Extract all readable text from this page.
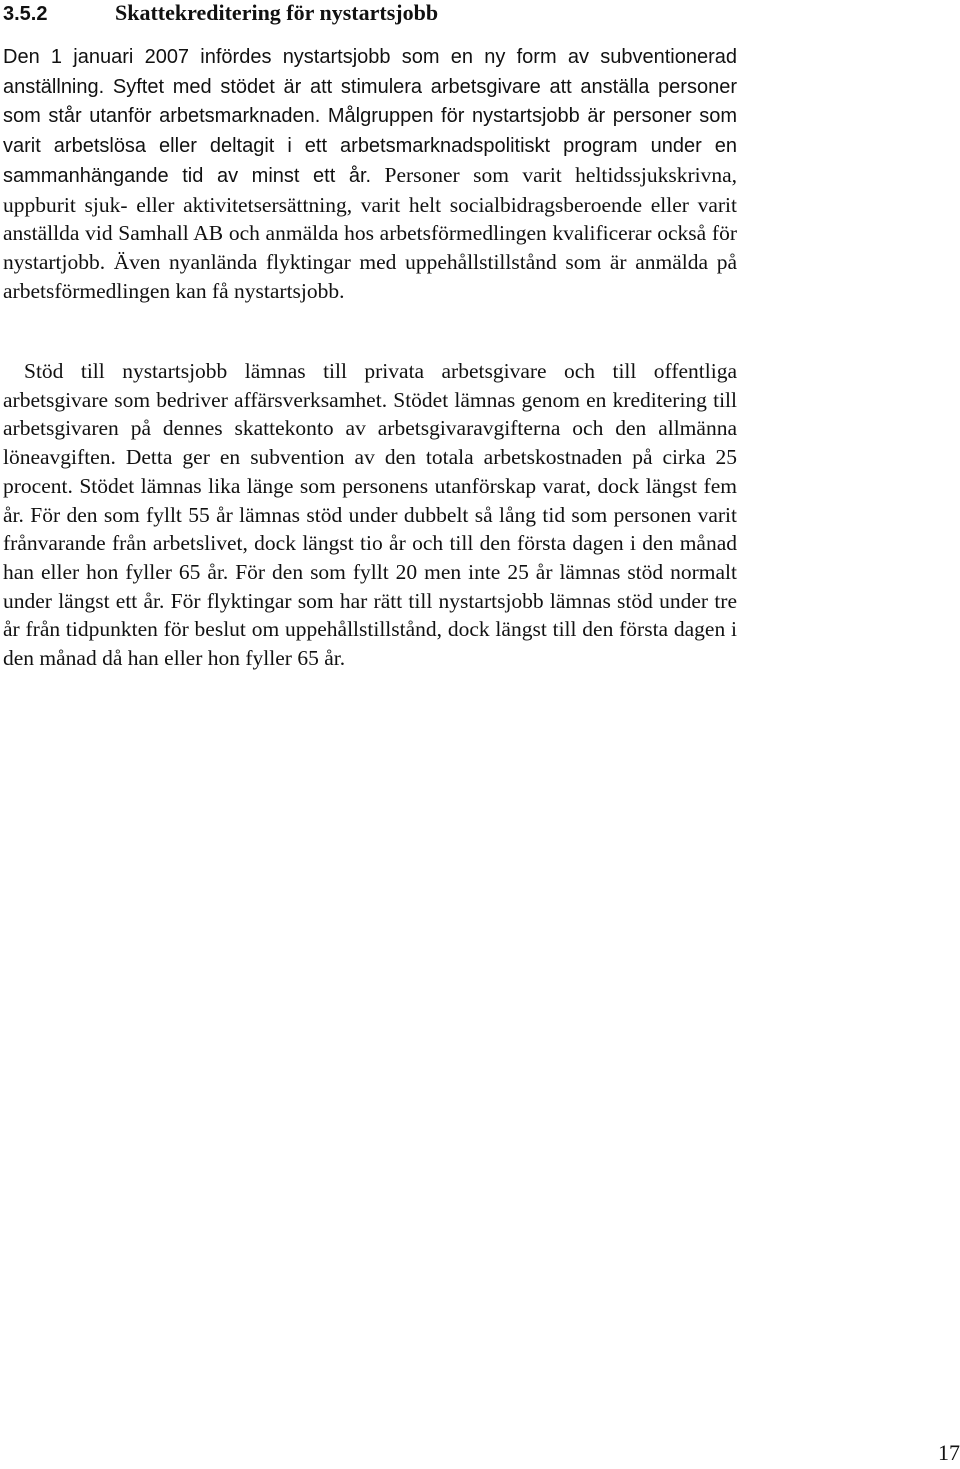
3.5.2	Skattekreditering för nystartsjobb

Den 1 januari 2007 infördes nystartsjobb som en ny form av subventionerad anställning. Syftet med stödet är att stimulera arbetsgivare att anställa personer som står utanför arbetsmarknaden. Målgruppen för nystartsjobb är personer som varit arbetslösa eller deltagit i ett arbetsmarknadspolitiskt program under en sammanhängande tid av minst ett år. Personer som varit heltidssjukskrivna, uppburit sjuk- eller aktivitetsersättning, varit helt socialbidragsberoende eller varit anställda vid Samhall AB och anmälda hos arbetsförmedlingen kvalificerar också för nystartjobb. Även nyanlända flyktingar med uppehållstillstånd som är anmälda på arbetsförmedlingen kan få nystartsjobb.

Stöd till nystartsjobb lämnas till privata arbetsgivare och till offentliga arbetsgivare som bedriver affärsverksamhet. Stödet lämnas genom en kreditering till arbetsgivaren på dennes skattekonto av arbetsgivaravgifterna och den allmänna löneavgiften. Detta ger en subvention av den totala arbetskostnaden på cirka 25 procent. Stödet lämnas lika länge som personens utanförskap varat, dock längst fem år. För den som fyllt 55 år lämnas stöd under dubbelt så lång tid som personen varit frånvarande från arbetslivet, dock längst tio år och till den första dagen i den månad han eller hon fyller 65 år. För den som fyllt 20 men inte 25 år lämnas stöd normalt under längst ett år. För flyktingar som har rätt till nystartsjobb lämnas stöd under tre år från tidpunkten för beslut om uppehållstillstånd, dock längst till den första dagen i den månad då han eller hon fyller 65 år.

17
